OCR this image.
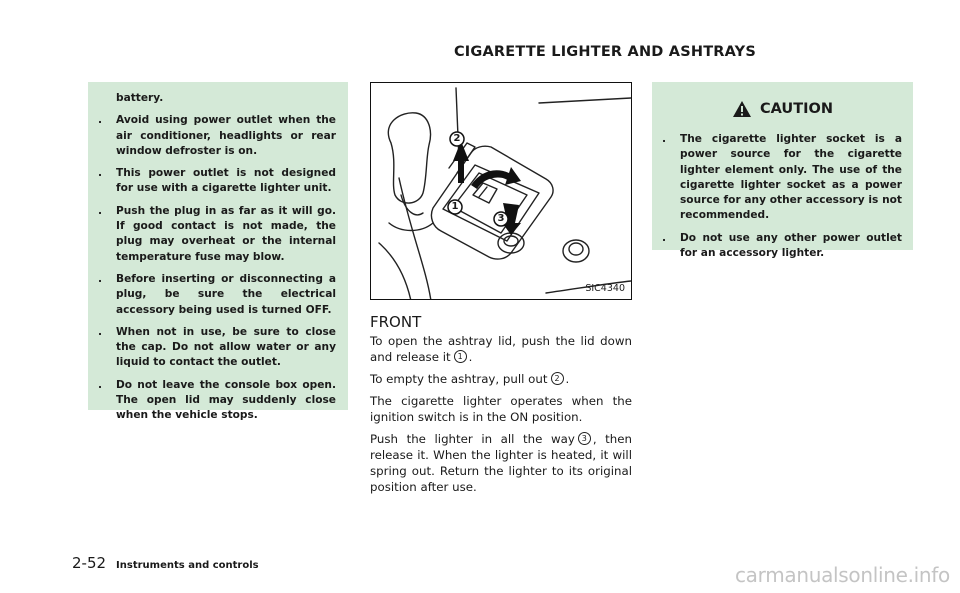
CIGARETTE LIGHTER AND ASHTRAYS
battery.
.	Avoid using power outlet when the air conditioner, headlights or rear window defroster is on.
.	This power outlet is not designed for use with a cigarette lighter unit.
.	Push the plug in as far as it will go. If good contact is not made, the plug may overheat or the internal temperature fuse may blow.
.	Before inserting or disconnecting a plug, be sure the electrical accessory being used is turned OFF.
.	When not in use, be sure to close the cap. Do not allow water or any liquid to contact the outlet.
.	Do not leave the console box open. The open lid may suddenly close when the vehicle stops.
2
1
3
SIC4340
FRONT

To open the ashtray lid, push the lid down and release it 1 .

To empty the ashtray, pull out 2 .

The cigarette lighter operates when the ignition switch is in the ON position.

Push the lighter in all the way 3 , then release it. When the lighter is heated, it will spring out. Return the lighter to its original position after use.

CAUTION
.	The cigarette lighter socket is a power source for the cigarette lighter element only. The use of the cigarette lighter socket as a power source for any other accessory is not recommended.
.	Do not use any other power outlet for an accessory lighter.
2-52 Instruments and controls	carmanualsonline.info
